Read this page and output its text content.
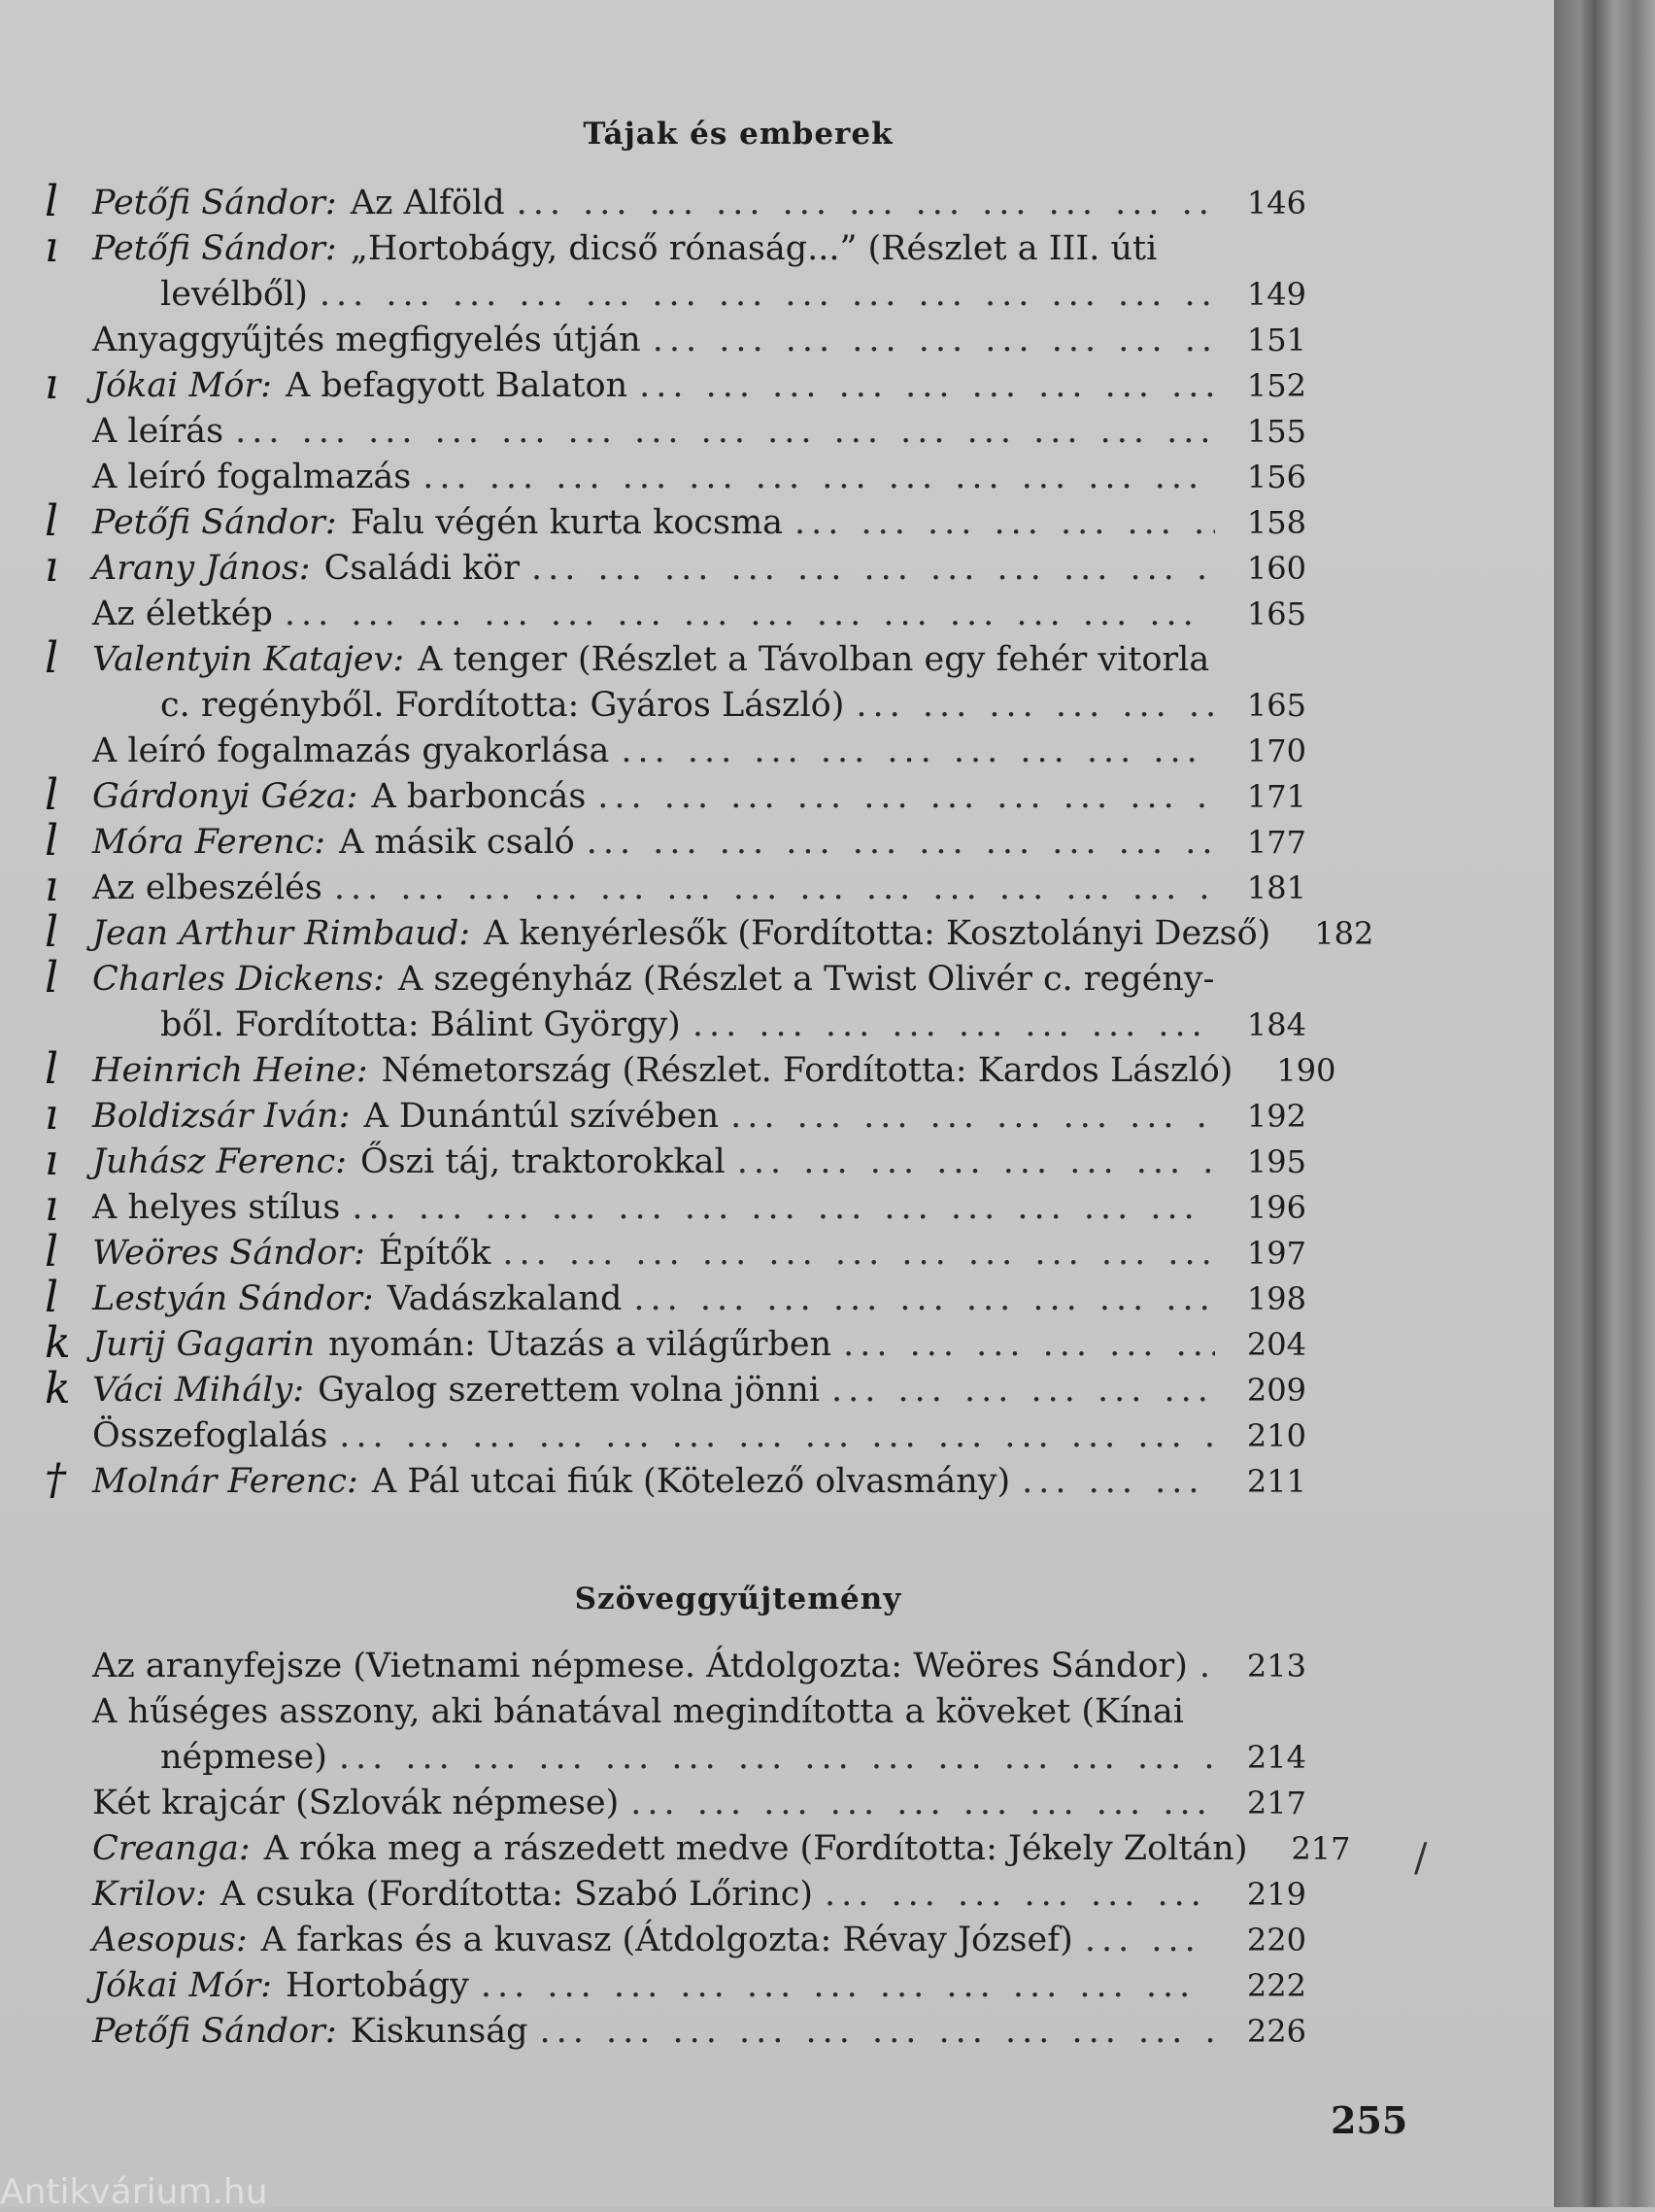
Tájak és emberek
Petőfi Sándor: Az Alföld ... .	146
l
Petőfi Sándor: „Hortobágy, dicső rónaság...” (Részlet a III. úti
levélből) ... .	149
ı
Anyaggyűjtés megfigyelés útján ... .	151
Jókai Mór: A befagyott Balaton ... .	152
ı
A leírás ... .	155
A leíró fogalmazás ... .	156
Petőfi Sándor: Falu végén kurta kocsma ... .	158
l
Arany János: Családi kör ... .	160
ı
Az életkép ... .	165
Valentyin Katajev: A tenger (Részlet a Távolban egy fehér vitorla
c. regényből. Fordította: Gyáros László) ... .	165
l
A leíró fogalmazás gyakorlása ... .	170
Gárdonyi Géza: A barboncás ... .	171
l
Móra Ferenc: A másik csaló ... .	177
l
Az elbeszélés ... .	181
ı
Jean Arthur Rimbaud: A kenyérlesők (Fordította: Kosztolányi Dezső)	182
l
Charles Dickens: A szegényház (Részlet a Twist Olivér c. regény-
ből. Fordította: Bálint György) ... .	184
l
Heinrich Heine: Németország (Részlet. Fordította: Kardos László)	190
l
Boldizsár Iván: A Dunántúl szívében ... .	192
ı
Juhász Ferenc: Őszi táj, traktorokkal ... .	195
ı
A helyes stílus ... .	196
ı
Weöres Sándor: Építők ... .	197
l
Lestyán Sándor: Vadászkaland ... .	198
l
Jurij Gagarin nyomán: Utazás a világűrben ... .	204
k
Váci Mihály: Gyalog szerettem volna jönni ... .	209
k
Összefoglalás ... .	210
Molnár Ferenc: A Pál utcai fiúk (Kötelező olvasmány) ... .	211
†
Szöveggyűjtemény
Az aranyfejsze (Vietnami népmese. Átdolgozta: Weöres Sándor) ... .	213
A hűséges asszony, aki bánatával megindította a köveket (Kínai
népmese) ... .	214
Két krajcár (Szlovák népmese) ... .	217
Creanga: A róka meg a rászedett medve (Fordította: Jékely Zoltán)	217
Krilov: A csuka (Fordította: Szabó Lőrinc) ... .	219
Aesopus: A farkas és a kuvasz (Átdolgozta: Révay József) ... .	220
Jókai Mór: Hortobágy ... .	222
Petőfi Sándor: Kiskunság ... .	226
255
/
Antikvárium.hu
